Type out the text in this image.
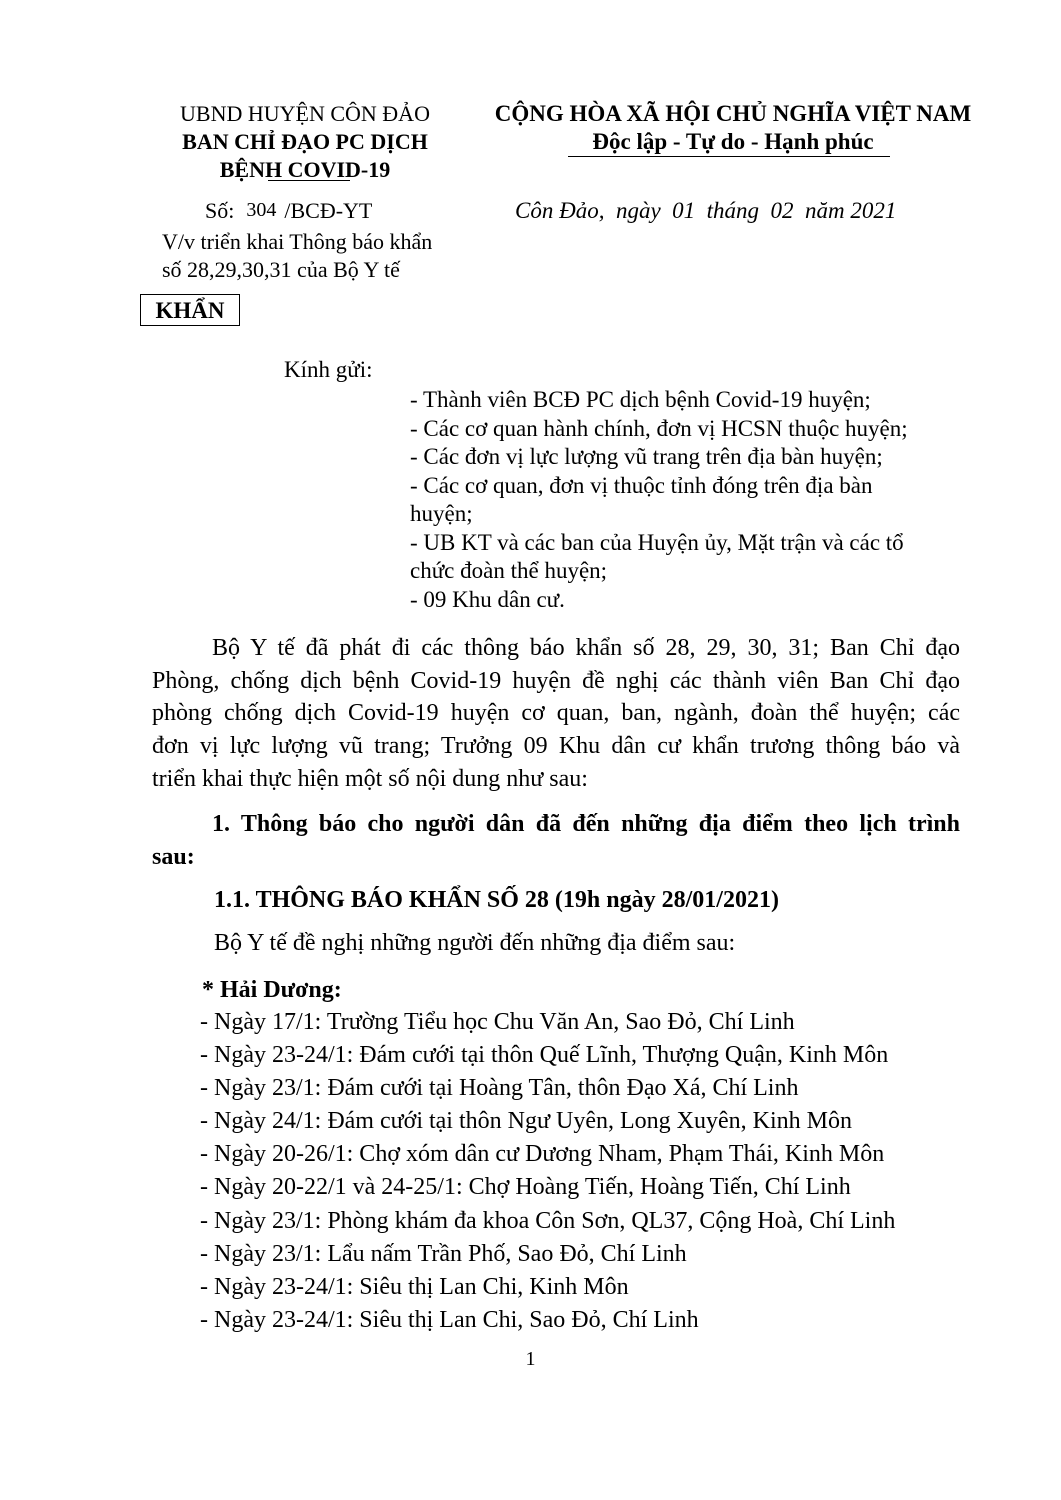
UBND HUYỆN CÔN ĐẢO
BAN CHỈ ĐẠO PC DỊCH
BỆNH COVID-19
CỘNG HÒA XÃ HỘI CHỦ NGHĨA VIỆT NAM
Độc lập - Tự do - Hạnh phúc
Số: 304 /BCĐ-YT
V/v triển khai Thông báo khẩn
số 28,29,30,31 của Bộ Y tế
Côn Đảo,  ngày  01  tháng  02  năm 2021
KHẨN
Kính gửi:
- Thành viên BCĐ PC dịch bệnh Covid-19 huyện;
- Các cơ quan hành chính, đơn vị HCSN thuộc huyện;
- Các đơn vị lực lượng vũ trang trên địa bàn huyện;
- Các cơ quan, đơn vị thuộc tỉnh đóng trên địa bàn
huyện;
- UB KT và các ban của Huyện ủy, Mặt trận và các tổ
chức đoàn thể huyện;
- 09 Khu dân cư.
Bộ Y tế đã phát đi các thông báo khẩn số 28, 29, 30, 31; Ban Chỉ đạo
Phòng, chống dịch bệnh Covid-19 huyện đề nghị các thành viên Ban Chỉ đạo
phòng chống dịch Covid-19 huyện cơ quan, ban, ngành, đoàn thể huyện; các
đơn vị lực lượng vũ trang; Trưởng 09 Khu dân cư khẩn trương thông báo và
triển khai thực hiện một số nội dung như sau:
1. Thông báo cho người dân đã đến những địa điểm theo lịch trình
sau:
1.1. THÔNG BÁO KHẨN SỐ 28 (19h ngày 28/01/2021)
Bộ Y tế đề nghị những người đến những địa điểm sau:
* Hải Dương:
- Ngày 17/1: Trường Tiểu học Chu Văn An, Sao Đỏ, Chí Linh
- Ngày 23-24/1: Đám cưới tại thôn Quế Lĩnh, Thượng Quận, Kinh Môn
- Ngày 23/1: Đám cưới tại Hoàng Tân, thôn Đạo Xá, Chí Linh
- Ngày 24/1: Đám cưới tại thôn Ngư Uyên, Long Xuyên, Kinh Môn
- Ngày 20-26/1: Chợ xóm dân cư Dương Nham, Phạm Thái, Kinh Môn
- Ngày 20-22/1 và 24-25/1: Chợ Hoàng Tiến, Hoàng Tiến, Chí Linh
- Ngày 23/1: Phòng khám đa khoa Côn Sơn, QL37, Cộng Hoà, Chí Linh
- Ngày 23/1: Lẩu nấm Trần Phố, Sao Đỏ, Chí Linh
- Ngày 23-24/1: Siêu thị Lan Chi, Kinh Môn
- Ngày 23-24/1: Siêu thị Lan Chi, Sao Đỏ, Chí Linh
1
